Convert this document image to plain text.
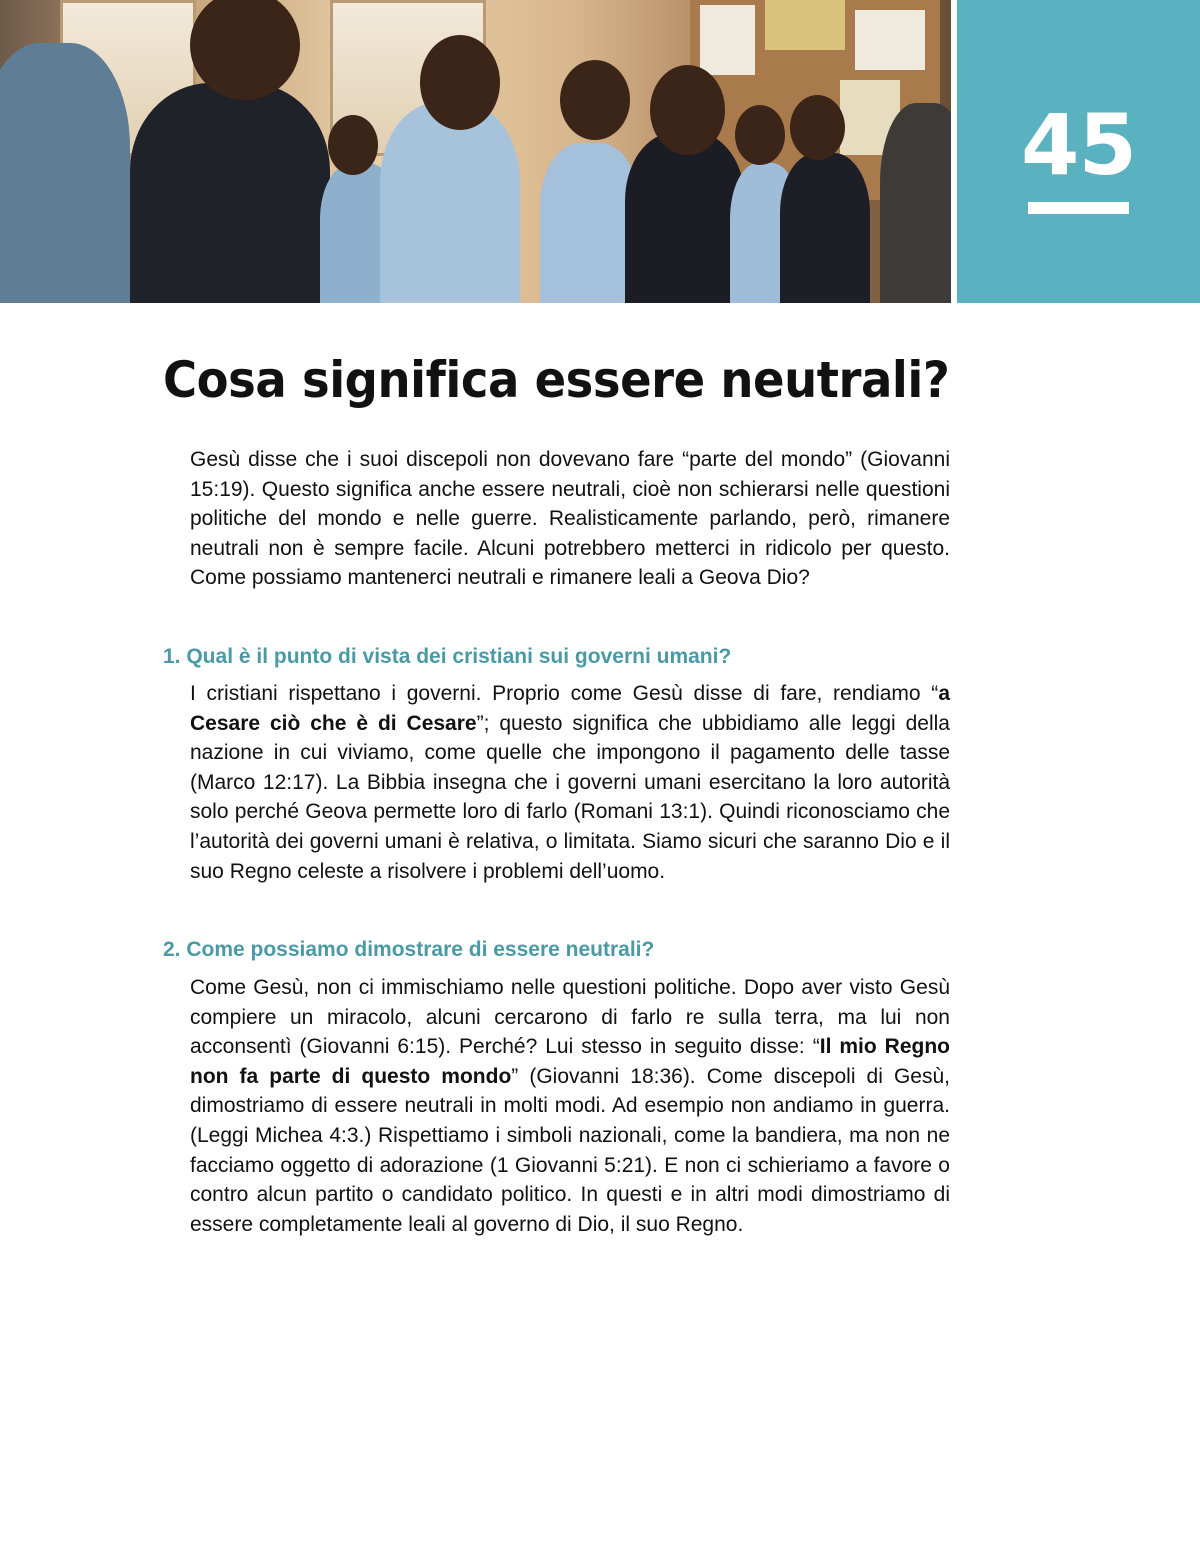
45
Cosa significa essere neutrali?

Gesù disse che i suoi discepoli non dovevano fare “parte del mondo” (Giovanni 15:19). Questo significa anche essere neutrali, cioè non schierarsi nelle questioni politiche del mondo e nelle guerre. Realisticamente parlando, però, rimanere neutrali non è sempre facile. Alcuni potrebbero metterci in ridicolo per questo. Come possiamo mantenerci neutrali e rimanere leali a Geova Dio?

1. Qual è il punto di vista dei cristiani sui governi umani?

I cristiani rispettano i governi. Proprio come Gesù disse di fare, rendiamo “a Cesare ciò che è di Cesare”; questo significa che ubbidiamo alle leggi della nazione in cui viviamo, come quelle che impongono il pagamento delle tasse (Marco 12:17). La Bibbia insegna che i governi umani esercitano la loro autorità solo perché Geova permette loro di farlo (Romani 13:1). Quindi riconosciamo che l’autorità dei governi umani è relativa, o limitata. Siamo sicuri che saranno Dio e il suo Regno celeste a risolvere i problemi dell’uomo.

2. Come possiamo dimostrare di essere neutrali?

Come Gesù, non ci immischiamo nelle questioni politiche. Dopo aver visto Gesù compiere un miracolo, alcuni cercarono di farlo re sulla terra, ma lui non acconsentì (Giovanni 6:15). Perché? Lui stesso in seguito disse: “Il mio Regno non fa parte di questo mondo” (Giovanni 18:36). Come discepoli di Gesù, dimostriamo di essere neutrali in molti modi. Ad esempio non andiamo in guerra. (Leggi Michea 4:3.) Rispettiamo i simboli nazionali, come la bandiera, ma non ne facciamo oggetto di adorazione (1 Giovanni 5:21). E non ci schieriamo a favore o contro alcun partito o candidato politico. In questi e in altri modi dimostriamo di essere completamente leali al governo di Dio, il suo Regno.
